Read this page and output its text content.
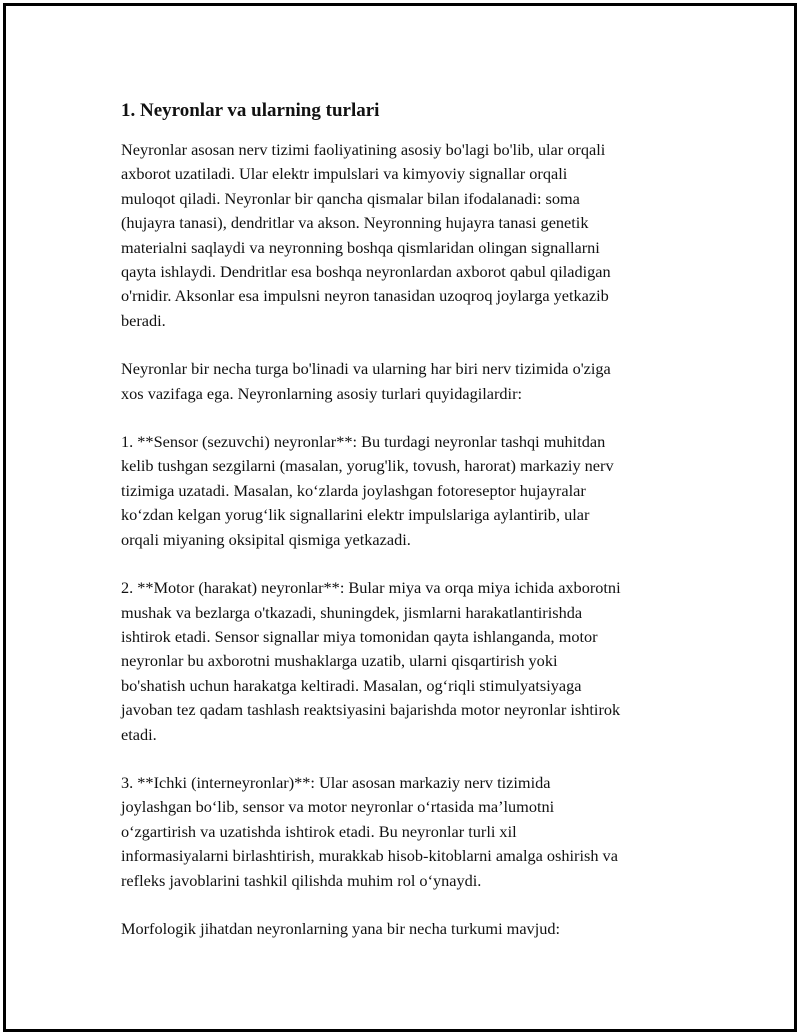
1. Neyronlar va ularning turlari

Neyronlar asosan nerv tizimi faoliyatining asosiy bo'lagi bo'lib, ular orqali
axborot uzatiladi. Ular elektr impulslari va kimyoviy signallar orqali
muloqot qiladi. Neyronlar bir qancha qismalar bilan ifodalanadi: soma
(hujayra tanasi), dendritlar va akson. Neyronning hujayra tanasi genetik
materialni saqlaydi va neyronning boshqa qismlaridan olingan signallarni
qayta ishlaydi. Dendritlar esa boshqa neyronlardan axborot qabul qiladigan
o'rnidir. Aksonlar esa impulsni neyron tanasidan uzoqroq joylarga yetkazib
beradi.

Neyronlar bir necha turga bo'linadi va ularning har biri nerv tizimida o'ziga
xos vazifaga ega. Neyronlarning asosiy turlari quyidagilardir:

1. **Sensor (sezuvchi) neyronlar**: Bu turdagi neyronlar tashqi muhitdan
kelib tushgan sezgilarni (masalan, yorug'lik, tovush, harorat) markaziy nerv
tizimiga uzatadi. Masalan, ko‘zlarda joylashgan fotoreseptor hujayralar
ko‘zdan kelgan yorug‘lik signallarini elektr impulslariga aylantirib, ular
orqali miyaning oksipital qismiga yetkazadi.

2. **Motor (harakat) neyronlar**: Bular miya va orqa miya ichida axborotni
mushak va bezlarga o'tkazadi, shuningdek, jismlarni harakatlantirishda
ishtirok etadi. Sensor signallar miya tomonidan qayta ishlanganda, motor
neyronlar bu axborotni mushaklarga uzatib, ularni qisqartirish yoki
bo'shatish uchun harakatga keltiradi. Masalan, og‘riqli stimulyatsiyaga
javoban tez qadam tashlash reaktsiyasini bajarishda motor neyronlar ishtirok
etadi.

3. **Ichki (interneyronlar)**: Ular asosan markaziy nerv tizimida
joylashgan bo‘lib, sensor va motor neyronlar o‘rtasida ma’lumotni
o‘zgartirish va uzatishda ishtirok etadi. Bu neyronlar turli xil
informasiyalarni birlashtirish, murakkab hisob-kitoblarni amalga oshirish va
refleks javoblarini tashkil qilishda muhim rol o‘ynaydi.

Morfologik jihatdan neyronlarning yana bir necha turkumi mavjud:
